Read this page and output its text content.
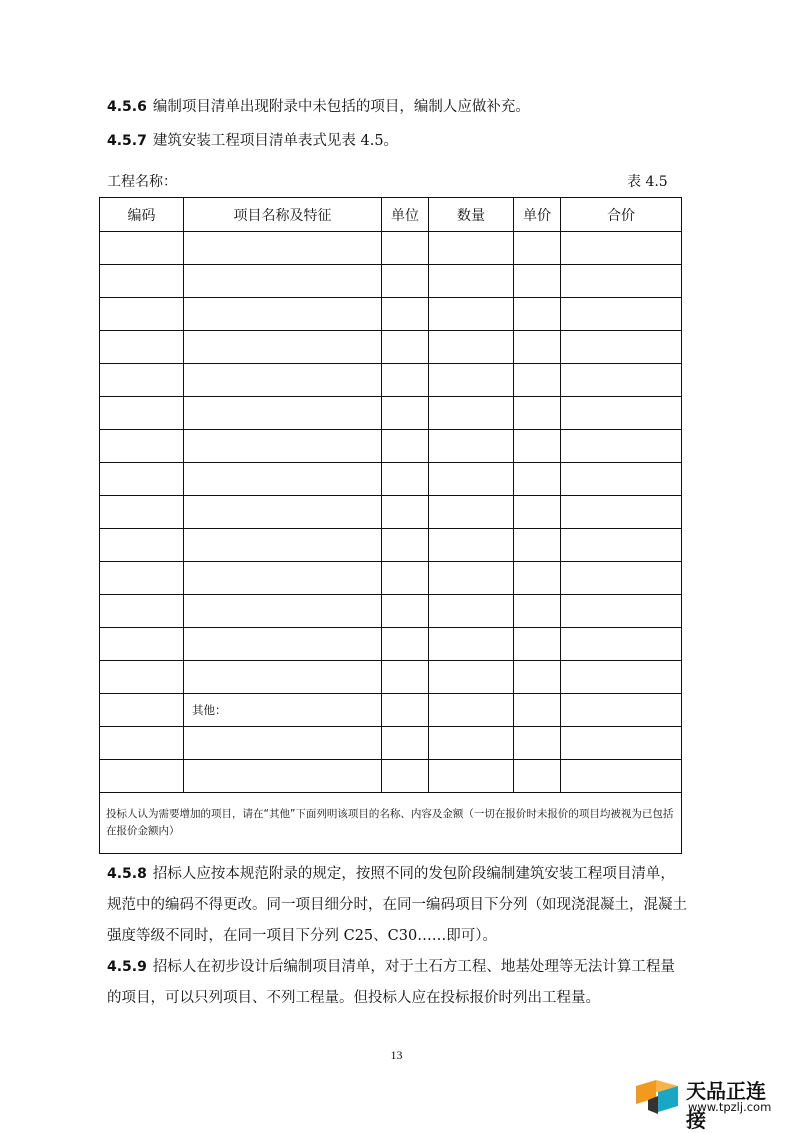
4.5.6 编制项目清单出现附录中未包括的项目，编制人应做补充。
4.5.7 建筑安装工程项目清单表式见表 4.5。
工程名称：	表 4.5
编码	项目名称及特征	单位	数量	单价	合价

	其他：				

投标人认为需要增加的项目，请在“其他”下面列明该项目的名称、内容及金额（一切在报价时未报价的项目均被视为已包括在报价金额内）					
4.5.8 招标人应按本规范附录的规定，按照不同的发包阶段编制建筑安装工程项目清单，规范中的编码不得更改。同一项目细分时，在同一编码项目下分列（如现浇混凝土，混凝土强度等级不同时，在同一项目下分列 C25、C30……即可）。
4.5.9 招标人在初步设计后编制项目清单，对于土石方工程、地基处理等无法计算工程量的项目，可以只列项目、不列工程量。但投标人应在投标报价时列出工程量。
13
天品正连接
www.tpzlj.com
